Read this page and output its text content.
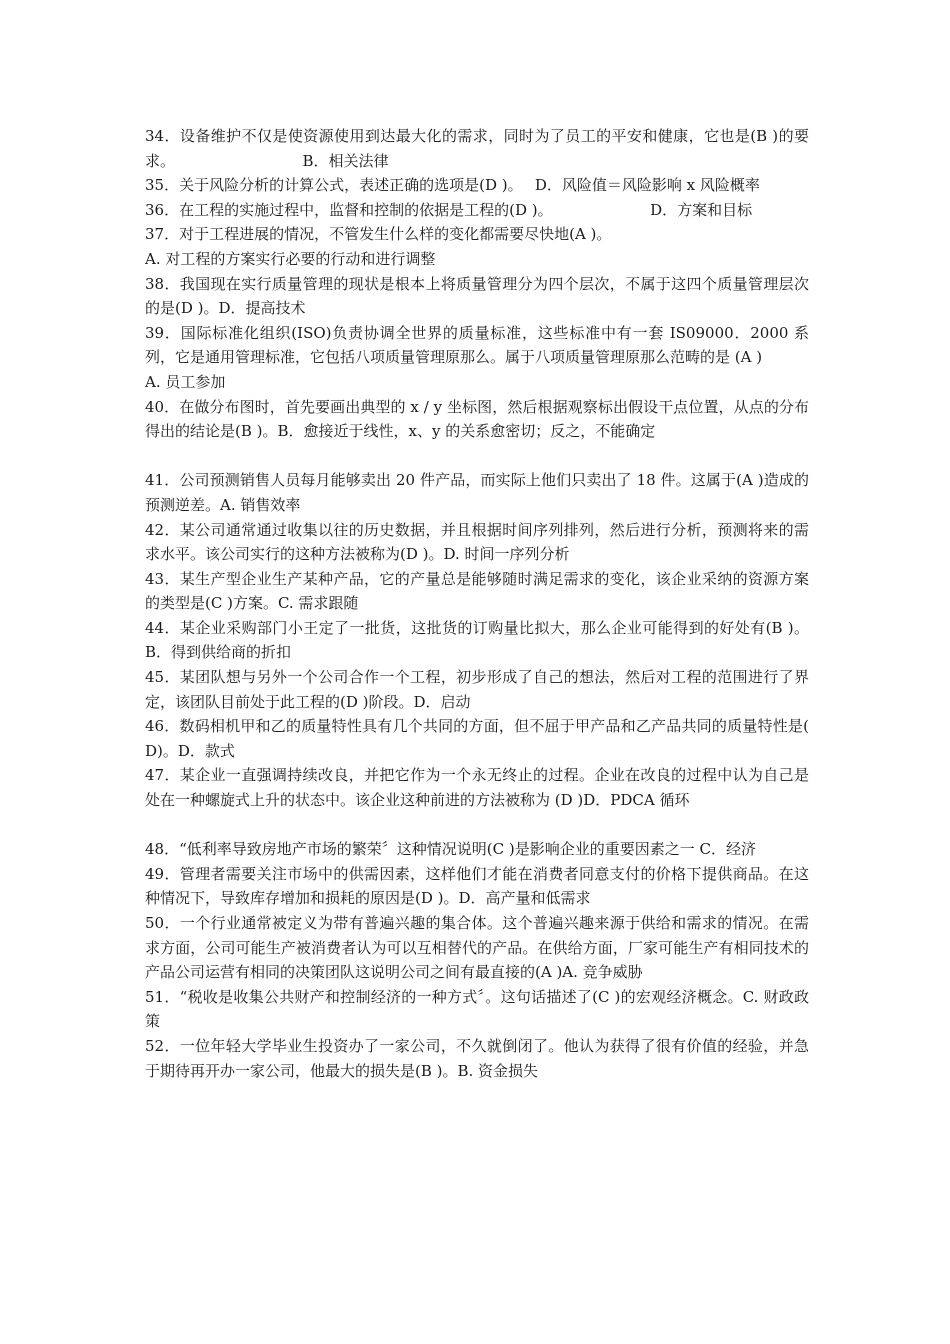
34．设备维护不仅是使资源使用到达最大化的需求，同时为了员工的平安和健康，它也是(B )的要求。　　　　　　　　　B．相关法律

35．关于风险分析的计算公式，表述正确的选项是(D )。　 D．风险值＝风险影响 x 风险概率

36．在工程的实施过程中，监督和控制的依据是工程的(D )。　　　　　　　D．方案和目标

37．对于工程进展的情况，不管发生什么样的变化都需要尽快地(A )。

A. 对工程的方案实行必要的行动和进行调整

38．我国现在实行质量管理的现状是根本上将质量管理分为四个层次，不属于这四个质量管理层次的是(D )。D．提高技术

39．国际标准化组织(ISO)负责协调全世界的质量标准，这些标准中有一套 IS09000．2000 系列，它是通用管理标准，它包括八项质量管理原那么。属于八项质量管理原那么范畴的是 (A )

A. 员工参加

40．在做分布图时，首先要画出典型的 x / y 坐标图，然后根据观察标出假设干点位置，从点的分布得出的结论是(B )。B．愈接近于线性，x、y 的关系愈密切；反之，不能确定

41．公司预测销售人员每月能够卖出 20 件产品，而实际上他们只卖出了 18 件。这属于(A )造成的预测逆差。A. 销售效率

42．某公司通常通过收集以往的历史数据，并且根据时间序列排列，然后进行分析，预测将来的需求水平。该公司实行的这种方法被称为(D )。D. 时间一序列分析

43．某生产型企业生产某种产品，它的产量总是能够随时满足需求的变化，该企业采纳的资源方案的类型是(C )方案。C. 需求跟随

44．某企业采购部门小王定了一批货，这批货的订购量比拟大，那么企业可能得到的好处有(B )。B．得到供给商的折扣

45．某团队想与另外一个公司合作一个工程，初步形成了自己的想法，然后对工程的范围进行了界定，该团队目前处于此工程的(D )阶段。D．启动

46．数码相机甲和乙的质量特性具有几个共同的方面，但不屈于甲产品和乙产品共同的质量特性是( D)。D．款式

47．某企业一直强调持续改良，并把它作为一个永无终止的过程。企业在改良的过程中认为自己是处在一种螺旋式上升的状态中。该企业这种前进的方法被称为 (D )D．PDCA 循环

48．“低利率导致房地产市场的繁荣〞这种情况说明(C )是影响企业的重要因素之一 C．经济

49．管理者需要关注市场中的供需因素，这样他们才能在消费者同意支付的价格下提供商品。在这种情况下，导致库存增加和损耗的原因是(D )。D．高产量和低需求

50．一个行业通常被定义为带有普遍兴趣的集合体。这个普遍兴趣来源于供给和需求的情况。在需求方面，公司可能生产被消费者认为可以互相替代的产品。在供给方面，厂家可能生产有相同技术的产品公司运营有相同的决策团队这说明公司之间有最直接的(A )A. 竞争威胁

51．“税收是收集公共财产和控制经济的一种方式〞。这句话描述了(C )的宏观经济概念。C. 财政政策

52．一位年轻大学毕业生投资办了一家公司，不久就倒闭了。他认为获得了很有价值的经验，并急于期待再开办一家公司，他最大的损失是(B )。B. 资金损失
